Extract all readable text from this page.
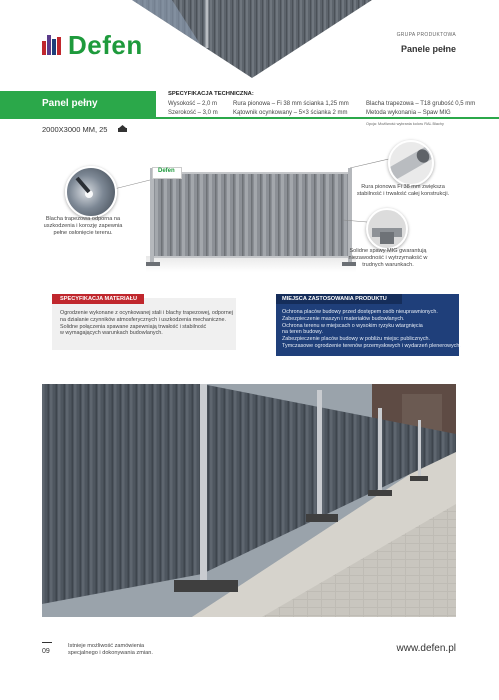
Defen	GRUPA PRODUKTOWA
Panele pełne
Panel pełny
2000X3000 MM, 25
SPECYFIKACJA TECHNICZNA:
Wysokość – 2,0 m
Szerokość – 3,0 m
Rura pionowa – Fi 38 mm ścianka 1,25 mm
Kątownik ocynkowany – 5×3 ścianka 2 mm
Blacha trapezowa – T18 grubość 0,5 mm
Metoda wykonania – Spaw MIG
Opcja: Możliwość wybrania koloru RAL Blachy
Defen
Blacha trapezowa odporna na uszkodzenia i korozję zapewnia pełne osłonięcie terenu.
Rura pionowa Fi 38 mm zwiększa stabilność i trwałość całej konstrukcji.
Solidne spawy MIG gwarantują niezawodność i wytrzymałość w trudnych warunkach.
SPECYFIKACJA MATERIAŁU
Ogrodzenie wykonane z ocynkowanej stali i blachy trapezowej, odpornej
na działanie czynników atmosferycznych i uszkodzenia mechaniczne.
Solidne połączenia spawane zapewniają trwałość i stabilność
w wymagających warunkach budowlanych.
MIEJSCA ZASTOSOWANIA PRODUKTU
Ochrona placów budowy przed dostępem osób nieuprawnionych.
Zabezpieczenie maszyn i materiałów budowlanych.
Ochrona terenu w miejscach o wysokim ryzyku wtargnięcia
na teren budowy.
Zabezpieczenie placów budowy w pobliżu miejsc publicznych.
Tymczasowe ogrodzenie terenów przemysłowych i wydarzeń plenerowych.
09
Istnieje możliwość zamówienia
specjalnego i dokonywania zmian.	www.defen.pl
